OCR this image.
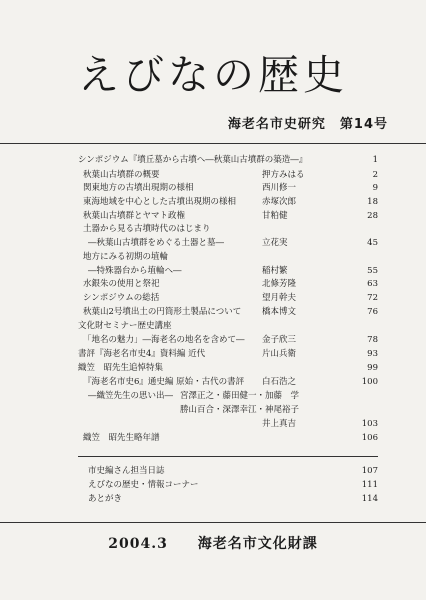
えびなの歴史
海老名市史研究　第14号
シンポジウム『墳丘墓から古墳へ―秋葉山古墳群の築造―』	1
秋葉山古墳群の概要	押方みはる	2
関東地方の古墳出現期の様相	西川修一	9
東海地域を中心とした古墳出現期の様相	赤塚次郎	18
秋葉山古墳群とヤマト政権	甘粕健	28
土器から見る古墳時代のはじまり
―秋葉山古墳群をめぐる土器と墓―	立花実	45
地方にみる初期の埴輪
―特殊器台から埴輪へ―	稲村繁	55
水銀朱の使用と祭祀	北條芳隆	63
シンポジウムの総括	望月幹夫	72
秋葉山2号墳出土の円筒形土製品について 橋本博文	76
文化財セミナー歴史講座
「地名の魅力」―海老名の地名を含めて― 金子欣三	78
書評『海老名市史4』資料編 近代	片山兵衛	93
織笠　昭先生追悼特集	99
『海老名市史6』通史編 原始・古代の書評 白石浩之	100
―織笠先生の思い出― 宮澤正之・藤田健一・加藤　学
勝山百合・深澤幸江・神尾裕子
井上真吉	103
織笠　昭先生略年譜	106
市史編さん担当日誌	107
えびなの歴史・情報コーナー	111
あとがき	114
2004.3 海老名市文化財課
